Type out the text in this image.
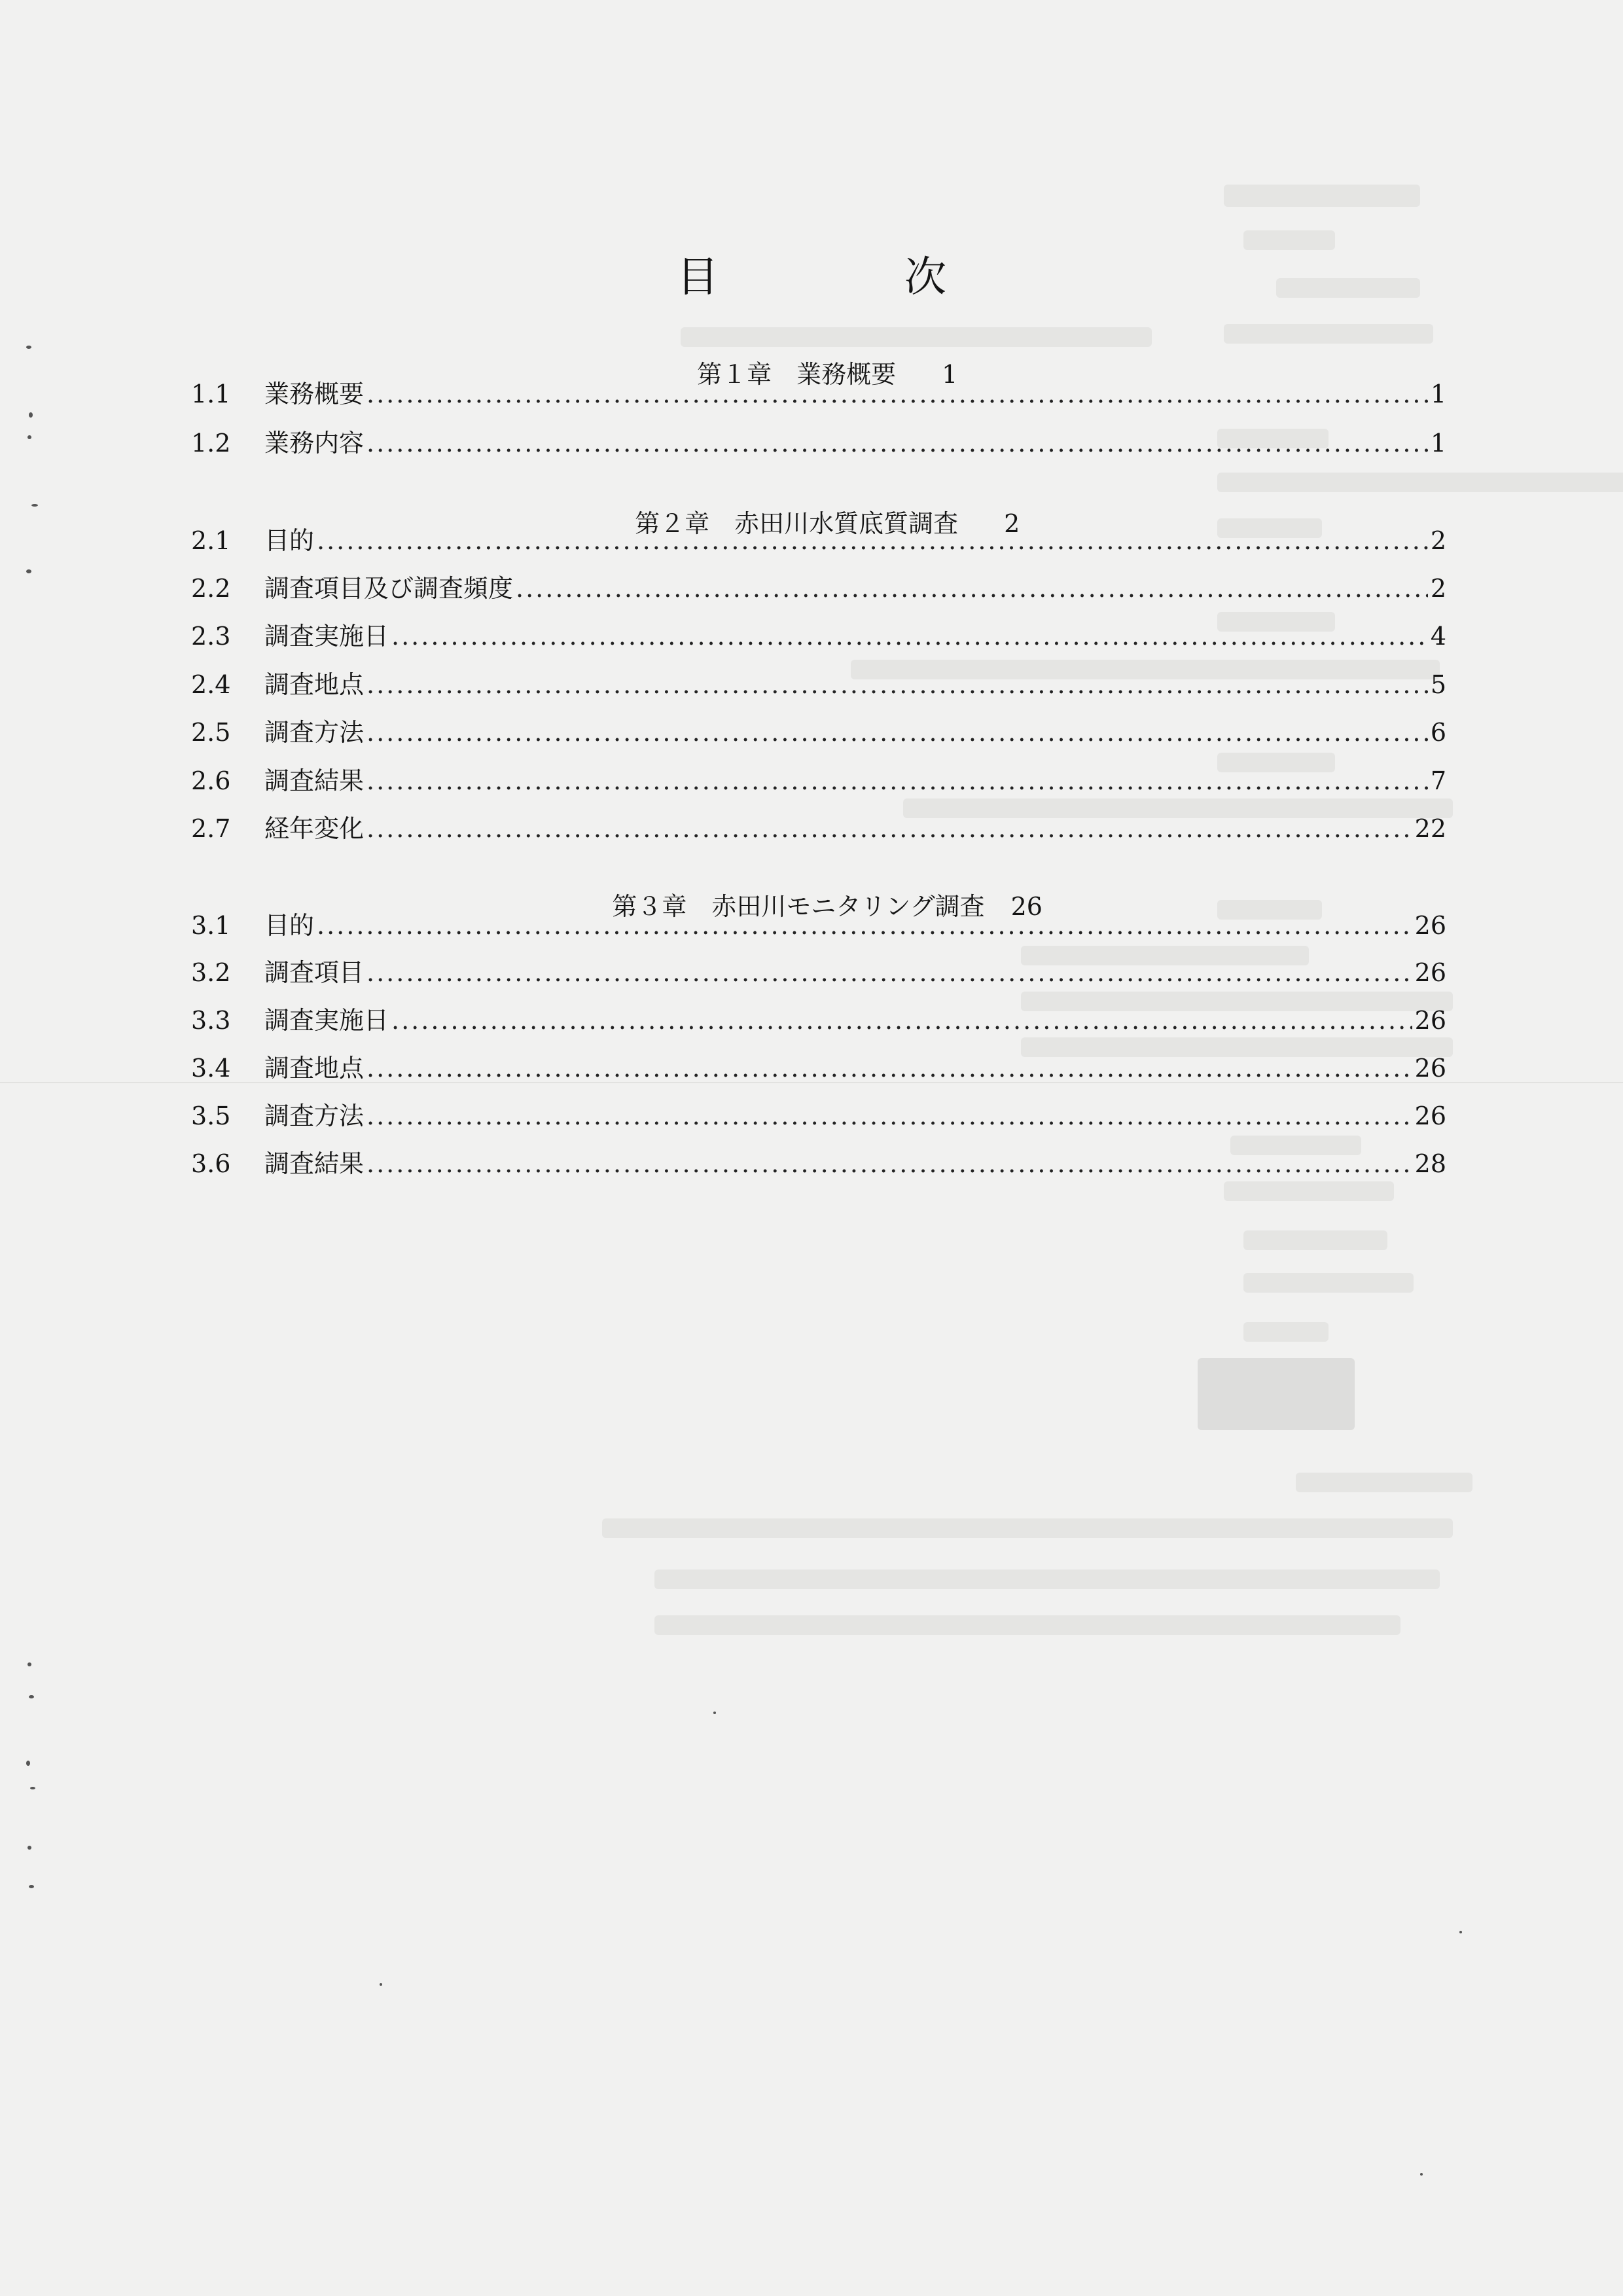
目　次

第１章　業務概要 1

1.1	業務概要 .....	1
1.2	業務内容 .....	1

第２章　赤田川水質底質調査 2

2.1	目的 .....	2
2.2	調査項目及び調査頻度 .....	2
2.3	調査実施日 .....	4
2.4	調査地点 .....	5
2.5	調査方法 .....	6
2.6	調査結果 .....	7
2.7	経年変化 .....	22

第３章　赤田川モニタリング調査 26

3.1	目的 .....	26
3.2	調査項目 .....	26
3.3	調査実施日 .....	26
3.4	調査地点 .....	26
3.5	調査方法 .....	26
3.6	調査結果 .....	28
